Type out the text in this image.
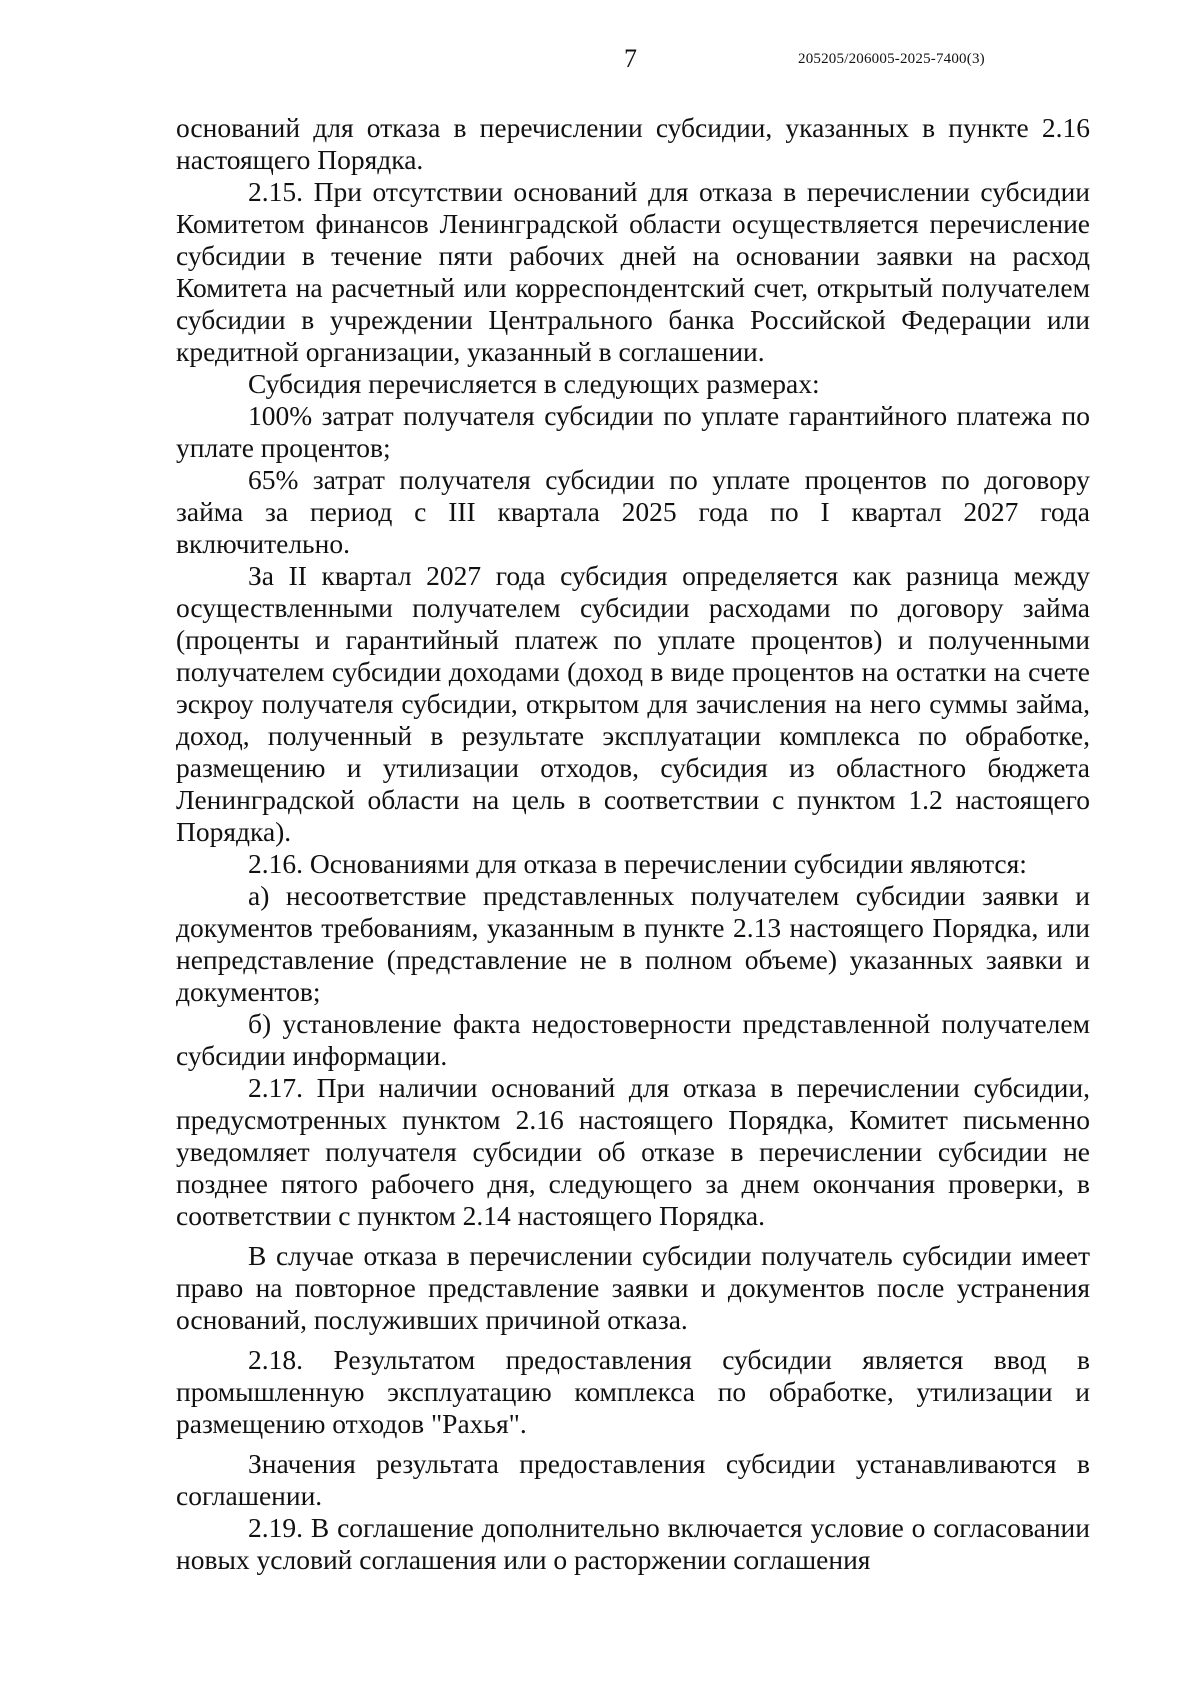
7	205205/206005-2025-7400(3)

оснований для отказа в перечислении субсидии, указанных в пункте 2.16 настоящего Порядка.

2.15. При отсутствии оснований для отказа в перечислении субсидии Комитетом финансов Ленинградской области осуществляется перечисление субсидии в течение пяти рабочих дней на основании заявки на расход Комитета на расчетный или корреспондентский счет, открытый получателем субсидии в учреждении Центрального банка Российской Федерации или кредитной организации, указанный в соглашении.

Субсидия перечисляется в следующих размерах:

100% затрат получателя субсидии по уплате гарантийного платежа по уплате процентов;

65% затрат получателя субсидии по уплате процентов по договору займа за период с III квартала 2025 года по I квартал 2027 года включительно.

За II квартал 2027 года субсидия определяется как разница между осуществленными получателем субсидии расходами по договору займа (проценты и гарантийный платеж по уплате процентов) и полученными получателем субсидии доходами (доход в виде процентов на остатки на счете эскроу получателя субсидии, открытом для зачисления на него суммы займа, доход, полученный в результате эксплуатации комплекса по обработке, размещению и утилизации отходов, субсидия из областного бюджета Ленинградской области на цель в соответствии с пунктом 1.2 настоящего Порядка).

2.16. Основаниями для отказа в перечислении субсидии являются:

а) несоответствие представленных получателем субсидии заявки и документов требованиям, указанным в пункте 2.13 настоящего Порядка, или непредставление (представление не в полном объеме) указанных заявки и документов;

б) установление факта недостоверности представленной получателем субсидии информации.

2.17. При наличии оснований для отказа в перечислении субсидии, предусмотренных пунктом 2.16 настоящего Порядка, Комитет письменно уведомляет получателя субсидии об отказе в перечислении субсидии не позднее пятого рабочего дня, следующего за днем окончания проверки, в соответствии с пунктом 2.14 настоящего Порядка.

В случае отказа в перечислении субсидии получатель субсидии имеет право на повторное представление заявки и документов после устранения оснований, послуживших причиной отказа.

2.18. Результатом предоставления субсидии является ввод в промышленную эксплуатацию комплекса по обработке, утилизации и размещению отходов "Рахья".

Значения результата предоставления субсидии устанавливаются в соглашении.

2.19. В соглашение дополнительно включается условие о согласовании новых условий соглашения или о расторжении соглашения
